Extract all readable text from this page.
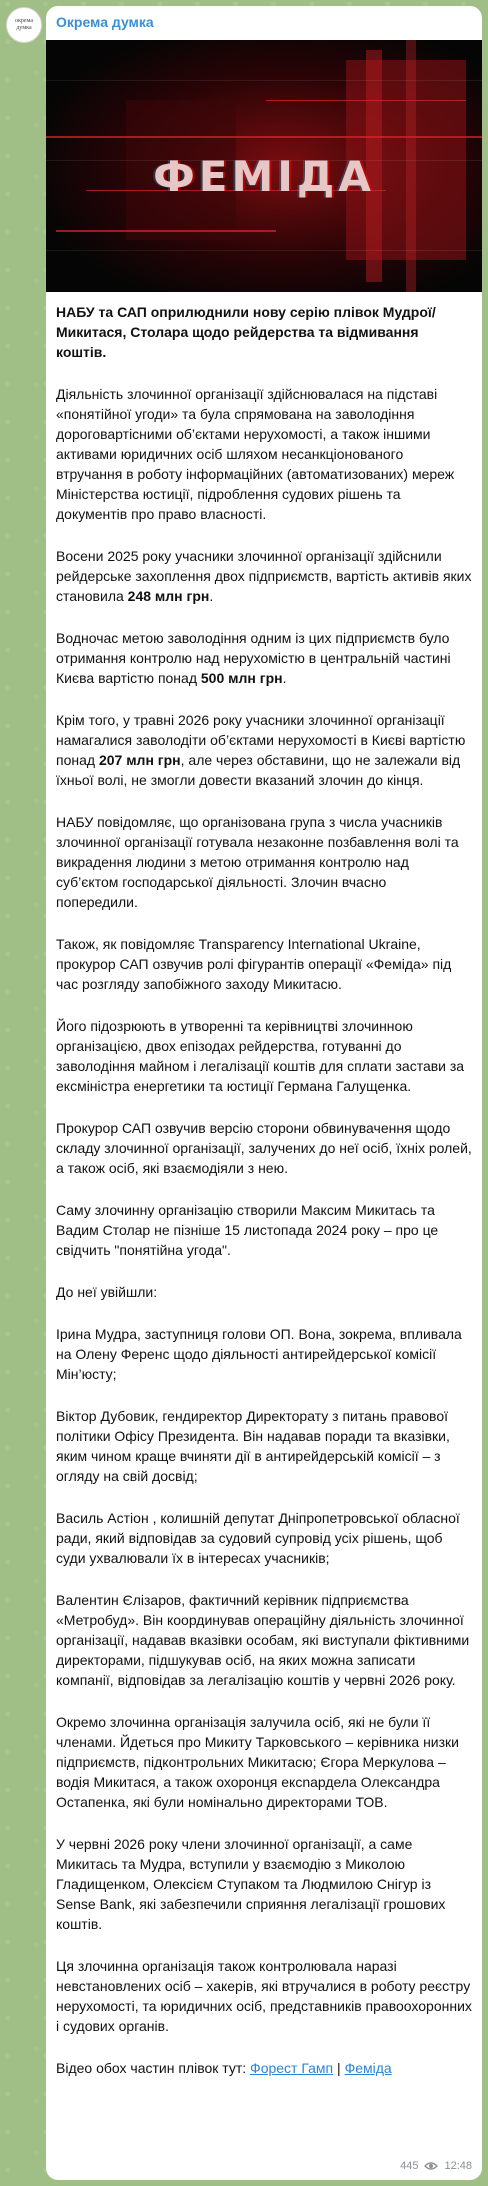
окрема
думка Окрема думка
ФЕМІДА

НАБУ та САП оприлюднили нову серію плівок Мудрої/ Микитася, Столара щодо рейдерства та відмивання коштів.

Діяльність злочинної організації здійснювалася на підставі «понятійної угоди» та була спрямована на заволодіння дороговартісними об’єктами нерухомості, а також іншими активами юридичних осіб шляхом несанкціонованого втручання в роботу інформаційних (автоматизованих) мереж Міністерства юстиції, підроблення судових рішень та документів про право власності.

Восени 2025 року учасники злочинної організації здійснили рейдерське захоплення двох підприємств, вартість активів яких становила 248 млн грн.

Водночас метою заволодіння одним із цих підприємств було отримання контролю над нерухомістю в центральній частині Києва вартістю понад 500 млн грн.

Крім того, у травні 2026 року учасники злочинної організації намагалися заволодіти об’єктами нерухомості в Києві вартістю понад 207 млн грн, але через обставини, що не залежали від їхньої волі, не змогли довести вказаний злочин до кінця.

НАБУ повідомляє, що організована група з числа учасників злочинної організації готувала незаконне позбавлення волі та викрадення людини з метою отримання контролю над суб’єктом господарської діяльності. Злочин вчасно попередили.

Також, як повідомляє Transparency International Ukraine, прокурор САП озвучив ролі фігурантів операції «Феміда» під час розгляду запобіжного заходу Микитасю.

Його підозрюють в утворенні та керівництві злочинною організацією, двох епізодах рейдерства, готуванні до заволодіння майном і легалізації коштів для сплати застави за ексміністра енергетики та юстиції Германа Галущенка.

Прокурор САП озвучив версію сторони обвинувачення щодо складу злочинної організації, залучених до неї осіб, їхніх ролей, а також осіб, які взаємодіяли з нею.

Саму злочинну організацію створили Максим Микитась та Вадим Столар не пізніше 15 листопада 2024 року – про це свідчить "понятійна угода".

До неї увійшли:

Ірина Мудра, заступниця голови ОП. Вона, зокрема, впливала на Олену Ференс щодо діяльності антирейдерської комісії Мін’юсту;

Віктор Дубовик, гендиректор Директорату з питань правової політики Офісу Президента. Він надавав поради та вказівки, яким чином краще вчиняти дії в антирейдерській комісії – з огляду на свій досвід;

Василь Астіон , колишній депутат Дніпропетровської обласної ради, який відповідав за судовий супровід усіх рішень, щоб суди ухвалювали їх в інтересах учасників;

Валентин Єлізаров, фактичний керівник підприємства «Метробуд». Він координував операційну діяльність злочинної організації, надавав вказівки особам, які виступали фіктивними директорами, підшукував осіб, на яких можна записати компанії, відповідав за легалізацію коштів у червні 2026 року.

Окремо злочинна організація залучила осіб, які не були її членами. Йдеться про Микиту Тарковського – керівника низки підприємств, підконтрольних Микитасю; Єгора Меркулова – водія Микитася, а також охоронця ексnардела Олександра Остапенка, які були номінально директорами ТОВ.

У червні 2026 року члени злочинної організації, а саме Микитась та Мудра, вступили у взаємодію з Миколою Гладищенком, Олексієм Ступаком та Людмилою Снігур із Sense Bank, які забезпечили сприяння легалізації грошових коштів.

Ця злочинна організація також контролювала наразі невстановлених осіб – хакерів, які втручалися в роботу реєстру нерухомості, та юридичних осіб, представників правоохоронних і судових органів.

Відео обох частин плівок тут: Форест Гамп | Феміда

445 12:48
